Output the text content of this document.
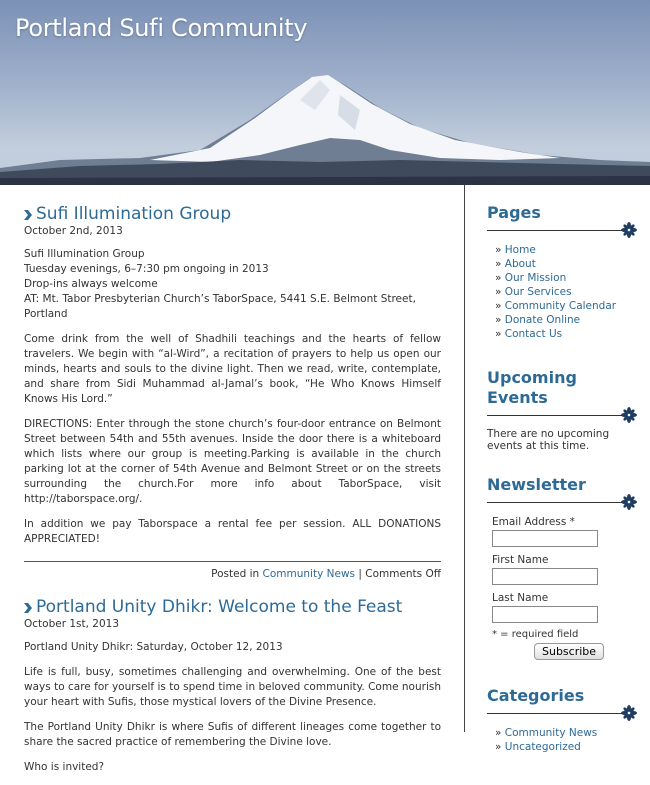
Portland Sufi Community
Sufi Illumination Group
October 2nd, 2013

Sufi Illumination Group
Tuesday evenings, 6–7:30 pm ongoing in 2013
Drop-ins always welcome
AT: Mt. Tabor Presbyterian Church’s TaborSpace, 5441 S.E. Belmont Street, Portland

Come drink from the well of Shadhili teachings and the hearts of fellow travelers. We begin with “al-Wird”, a recitation of prayers to help us open our minds, hearts and souls to the divine light. Then we read, write, contemplate, and share from Sidi Muhammad al-Jamal’s book, “He Who Knows Himself Knows His Lord.”

DIRECTIONS: Enter through the stone church’s four-door entrance on Belmont Street between 54th and 55th avenues. Inside the door there is a whiteboard which lists where our group is meeting.Parking is available in the church parking lot at the corner of 54th Avenue and Belmont Street or on the streets surrounding the church.For more info about TaborSpace, visit http://taborspace.org/.

In addition we pay Taborspace a rental fee per session. ALL DONATIONS APPRECIATED!

Posted in Community News | Comments Off
Portland Unity Dhikr: Welcome to the Feast
October 1st, 2013

Portland Unity Dhikr: Saturday, October 12, 2013

Life is full, busy, sometimes challenging and overwhelming. One of the best ways to care for yourself is to spend time in beloved community. Come nourish your heart with Sufis, those mystical lovers of the Divine Presence.

The Portland Unity Dhikr is where Sufis of different lineages come together to share the sacred practice of remembering the Divine love.

Who is invited?

Pages
» Home
» About
» Our Mission
» Our Services
» Community Calendar
» Donate Online
» Contact Us
Upcoming Events
There are no upcoming events at this time.
Newsletter
Email Address *
First Name
Last Name
* = required field
Subscribe
Categories
» Community News
» Uncategorized
